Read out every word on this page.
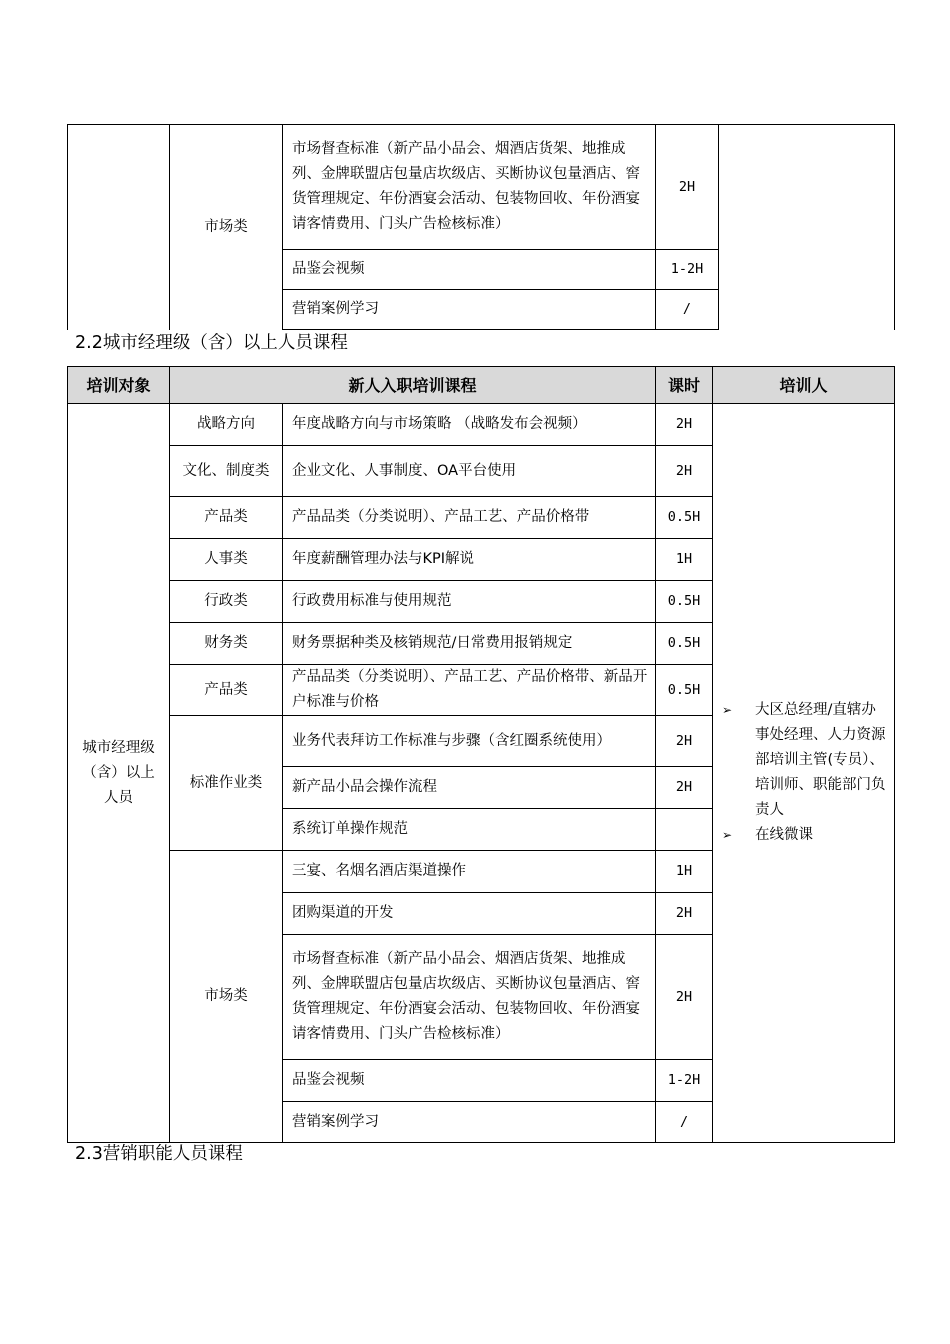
	市场类	市场督查标准（新产品小品会、烟酒店货架、地推成列、金牌联盟店包量店坎级店、买断协议包量酒店、窖货管理规定、年份酒宴会活动、包装物回收、年份酒宴请客情费用、门头广告检核标准）	2H	
		品鉴会视频	1-2H	
		营销案例学习	/	
2.2城市经理级（含）以上人员课程
培训对象	新人入职培训课程		课时	培训人
城市经理级（含）以上人员	战略方向	年度战略方向与市场策略 （战略发布会视频）	2H	➢ 大区总经理/直辖办事处经理、人力资源部培训主管(专员）、培训师、职能部门负责人
➢ 在线微课

	文化、制度类	企业文化、人事制度、OA平台使用	2H	
	产品类	产品品类（分类说明）、产品工艺、产品价格带	0.5H	
	人事类	年度薪酬管理办法与KPI解说	1H	
	行政类	行政费用标准与使用规范	0.5H	
	财务类	财务票据种类及核销规范/日常费用报销规定	0.5H	
	产品类	产品品类（分类说明）、产品工艺、产品价格带、新品开户标准与价格	0.5H	
	标准作业类	业务代表拜访工作标准与步骤（含红圈系统使用）	2H	
		新产品小品会操作流程	2H	
		系统订单操作规范		
	市场类	三宴、名烟名酒店渠道操作	1H	
		团购渠道的开发	2H	
		市场督查标准（新产品小品会、烟酒店货架、地推成列、金牌联盟店包量店坎级店、买断协议包量酒店、窖货管理规定、年份酒宴会活动、包装物回收、年份酒宴请客情费用、门头广告检核标准）	2H	
		品鉴会视频	1-2H	
		营销案例学习	/	
2.3营销职能人员课程
